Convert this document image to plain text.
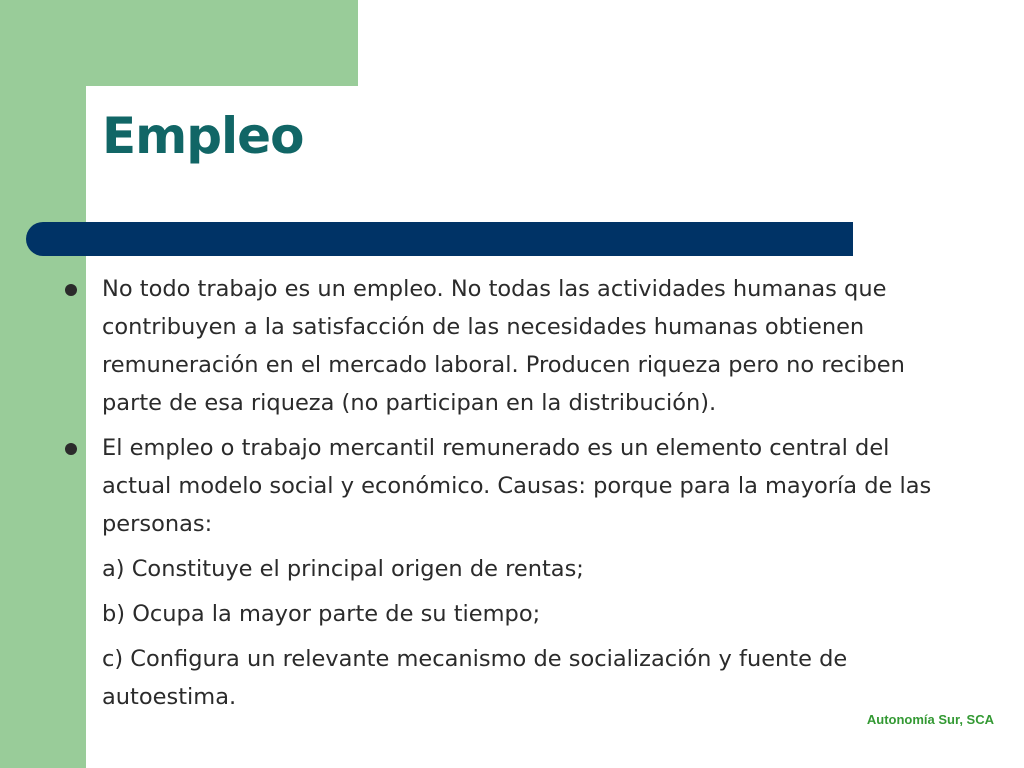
Empleo

No todo trabajo es un empleo. No todas las actividades humanas que contribuyen a la satisfacción de las necesidades humanas obtienen remuneración en el mercado laboral. Producen riqueza pero no reciben parte de esa riqueza (no participan en la distribución).

El empleo o trabajo mercantil remunerado es un elemento central del actual modelo social y económico. Causas: porque para la mayoría de las personas:

a) Constituye el principal origen de rentas;

b) Ocupa la mayor parte de su tiempo;

c) Configura un relevante mecanismo de socialización y fuente de autoestima.

Autonomía Sur, SCA
